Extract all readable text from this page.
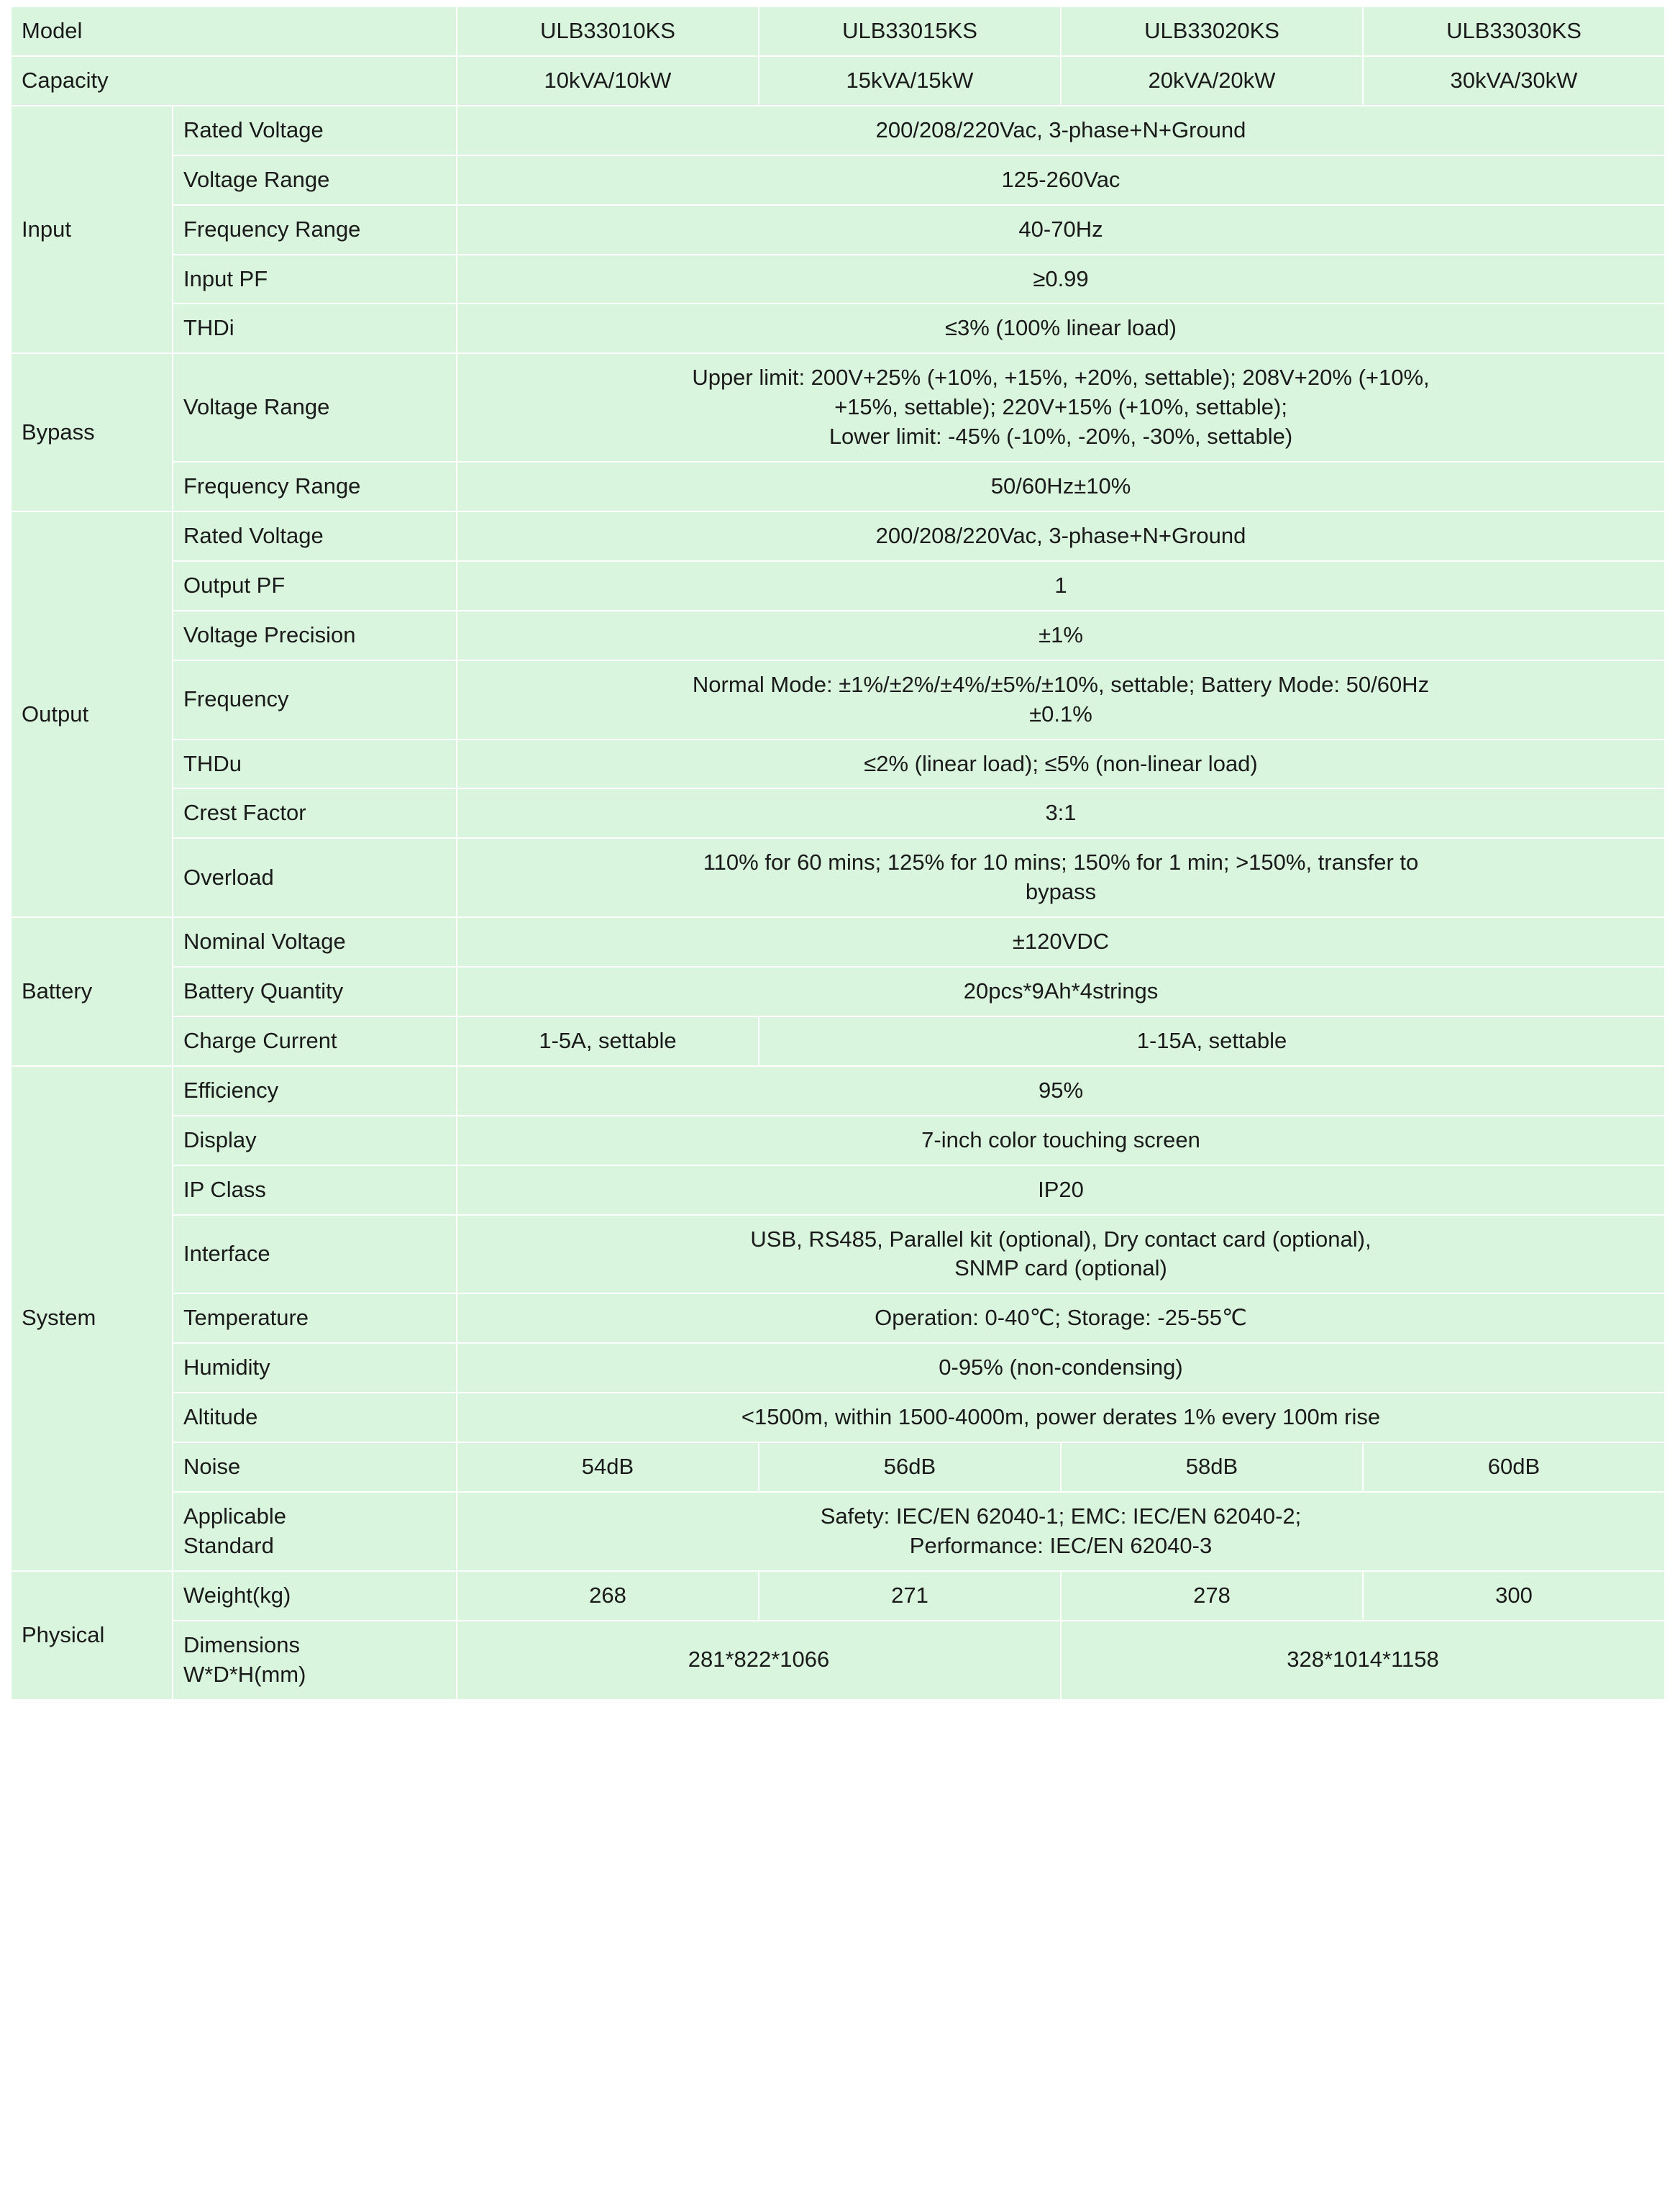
Model		ULB33010KS	ULB33015KS	ULB33020KS	ULB33030KS
Capacity		10kVA/10kW	15kVA/15kW	20kVA/20kW	30kVA/30kW
Input	Rated Voltage	200/208/220Vac, 3-phase+N+Ground			
	Voltage Range	125-260Vac			
	Frequency Range	40-70Hz			
	Input PF	≥0.99			
	THDi	≤3% (100% linear load)			
Bypass	Voltage Range	Upper limit: 200V+25% (+10%, +15%, +20%, settable); 208V+20% (+10%,
+15%, settable); 220V+15% (+10%, settable);
Lower limit: -45% (-10%, -20%, -30%, settable)			

	Frequency Range	50/60Hz±10%			
Output	Rated Voltage	200/208/220Vac, 3-phase+N+Ground			
	Output PF	1			
	Voltage Precision	±1%			
	Frequency	Normal Mode: ±1%/±2%/±4%/±5%/±10%, settable; Battery Mode: 50/60Hz
±0.1%			

	THDu	≤2% (linear load); ≤5% (non-linear load)			
	Crest Factor	3:1			
	Overload	110% for 60 mins; 125% for 10 mins; 150% for 1 min; >150%, transfer to
bypass			

Battery	Nominal Voltage	±120VDC			
	Battery Quantity	20pcs*9Ah*4strings			
	Charge Current	1-5A, settable	1-15A, settable		
System	Efficiency	95%			
	Display	7-inch color touching screen			
	IP Class	IP20			
	Interface	USB, RS485, Parallel kit (optional), Dry contact card (optional),
SNMP card (optional)			

	Temperature	Operation: 0-40℃; Storage: -25-55℃			
	Humidity	0-95% (non-condensing)			
	Altitude	<1500m, within 1500-4000m, power derates 1% every 100m rise			
	Noise	54dB	56dB	58dB	60dB

	Applicable
Standard	Safety: IEC/EN 62040-1; EMC: IEC/EN 62040-2;
Performance: IEC/EN 62040-3			

Physical	Weight(kg)	268	271	278	300

	Dimensions
W*D*H(mm)	281*822*1066		328*1014*1158	
